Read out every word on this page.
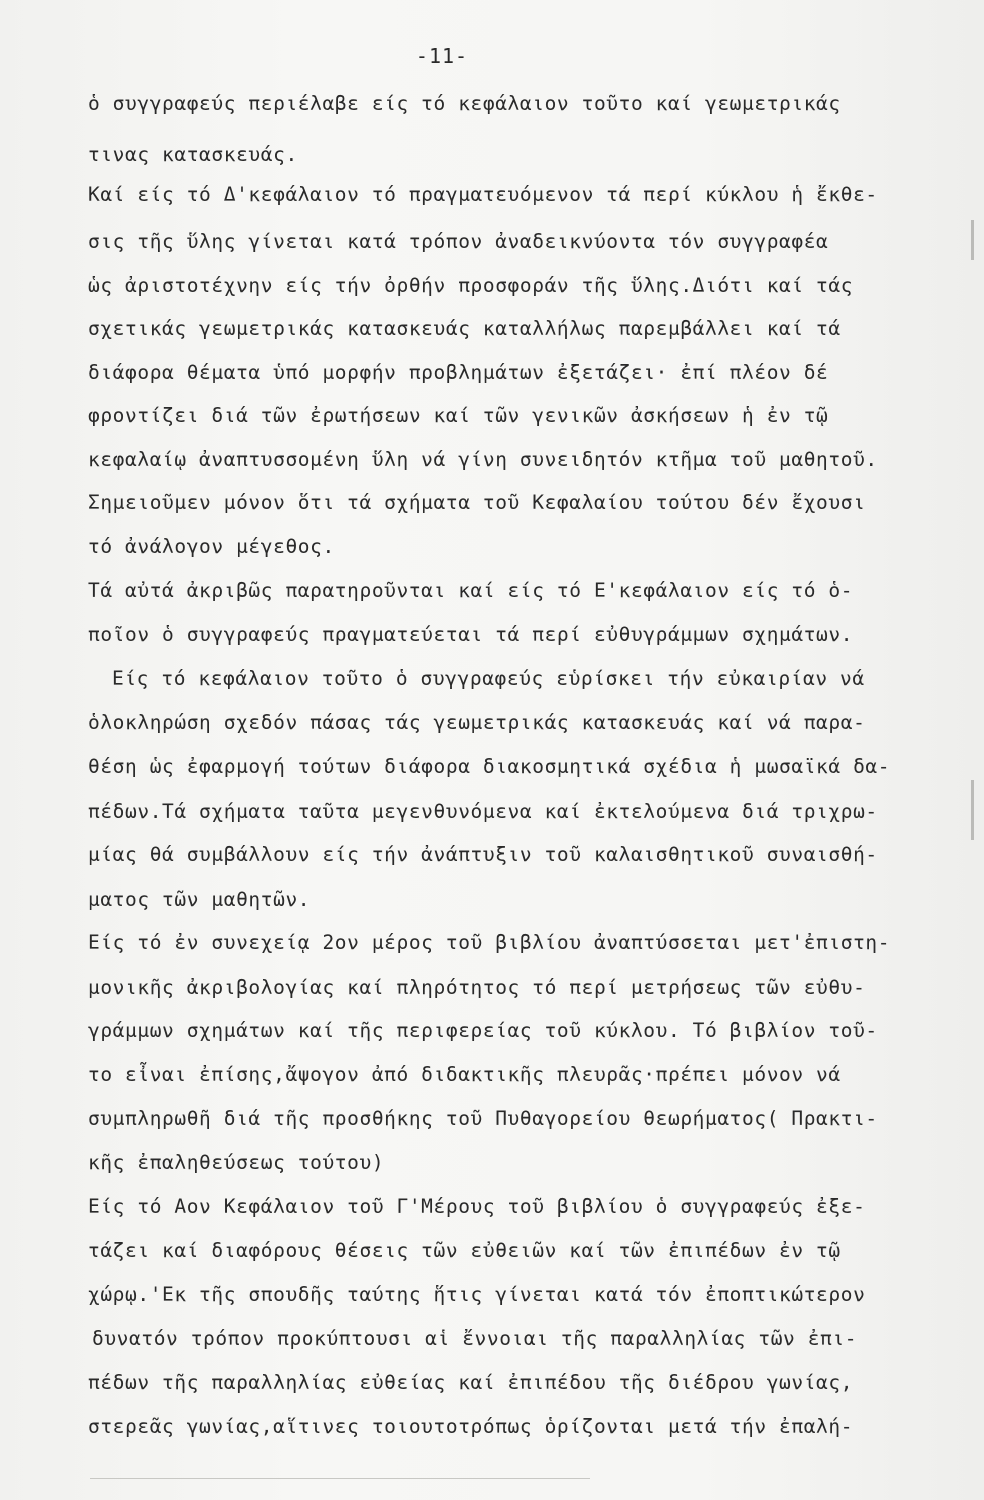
-11-
ὁ συγγραφεύς περιέλαβε είς τό κεφάλαιον τοῦτο καί γεωμετρικάς
τινας κατασκευάς.
Καί είς τό Δ'κεφάλαιον τό πραγματευόμενον τά περί κύκλου ἡ ἔκθε-
σις τῆς ὕλης γίνεται κατά τρόπον ἀναδεικνύοντα τόν συγγραφέα
ὡς ἀριστοτέχνην είς τήν ὀρθήν προσφοράν τῆς ὕλης.Διότι καί τάς
σχετικάς γεωμετρικάς κατασκευάς καταλλήλως παρεμβάλλει καί τά
διάφορα θέματα ὑπό μορφήν προβλημάτων ἐξετάζει· ἐπί πλέον δέ
φροντίζει διά τῶν ἐρωτήσεων καί τῶν γενικῶν ἀσκήσεων ἡ ἐν τῷ
κεφαλαίῳ ἀναπτυσσομένη ὕλη νά γίνη συνειδητόν κτῆμα τοῦ μαθητοῦ.
Σημειοῦμεν μόνον ὅτι τά σχήματα τοῦ Κεφαλαίου τούτου δέν ἔχουσι
τό ἀνάλογον μέγεθος.
Τά αὐτά ἀκριβῶς παρατηροῦνται καί είς τό Ε'κεφάλαιον είς τό ὁ-
ποῖον ὁ συγγραφεύς πραγματεύεται τά περί εὐθυγράμμων σχημάτων.
Είς τό κεφάλαιον τοῦτο ὁ συγγραφεύς εὑρίσκει τήν εὐκαιρίαν νά
ὁλοκληρώση σχεδόν πάσας τάς γεωμετρικάς κατασκευάς καί νά παρα-
θέση ὡς ἐφαρμογή τούτων διάφορα διακοσμητικά σχέδια ἡ μωσαϊκά δα-
πέδων.Τά σχήματα ταῦτα μεγενθυνόμενα καί ἐκτελούμενα διά τριχρω-
μίας θά συμβάλλουν είς τήν ἀνάπτυξιν τοῦ καλαισθητικοῦ συναισθή-
ματος τῶν μαθητῶν.
Είς τό ἐν συνεχείᾳ 2ον μέρος τοῦ βιβλίου ἀναπτύσσεται μετ'ἐπιστη-
μονικῆς ἀκριβολογίας καί πληρότητος τό περί μετρήσεως τῶν εὐθυ-
γράμμων σχημάτων καί τῆς περιφερείας τοῦ κύκλου. Τό βιβλίον τοῦ-
το εἶναι ἐπίσης,ἄψογον ἀπό διδακτικῆς πλευρᾶς·πρέπει μόνον νά
συμπληρωθῆ διά τῆς προσθήκης τοῦ Πυθαγορείου θεωρήματος( Πρακτι-
κῆς ἐπαληθεύσεως τούτου)
Είς τό Αον Κεφάλαιον τοῦ Γ'Μέρους τοῦ βιβλίου ὁ συγγραφεύς ἐξε-
τάζει καί διαφόρους θέσεις τῶν εὐθειῶν καί τῶν ἐπιπέδων ἐν τῷ
χώρῳ.'Εκ τῆς σπουδῆς ταύτης ἥτις γίνεται κατά τόν ἐποπτικώτερον
δυνατόν τρόπον προκύπτουσι αἱ ἔννοιαι τῆς παραλληλίας τῶν ἐπι-
πέδων τῆς παραλληλίας εὐθείας καί ἐπιπέδου τῆς διέδρου γωνίας,
στερεᾶς γωνίας,αἵτινες τοιουτοτρόπως ὁρίζονται μετά τήν ἐπαλή-
